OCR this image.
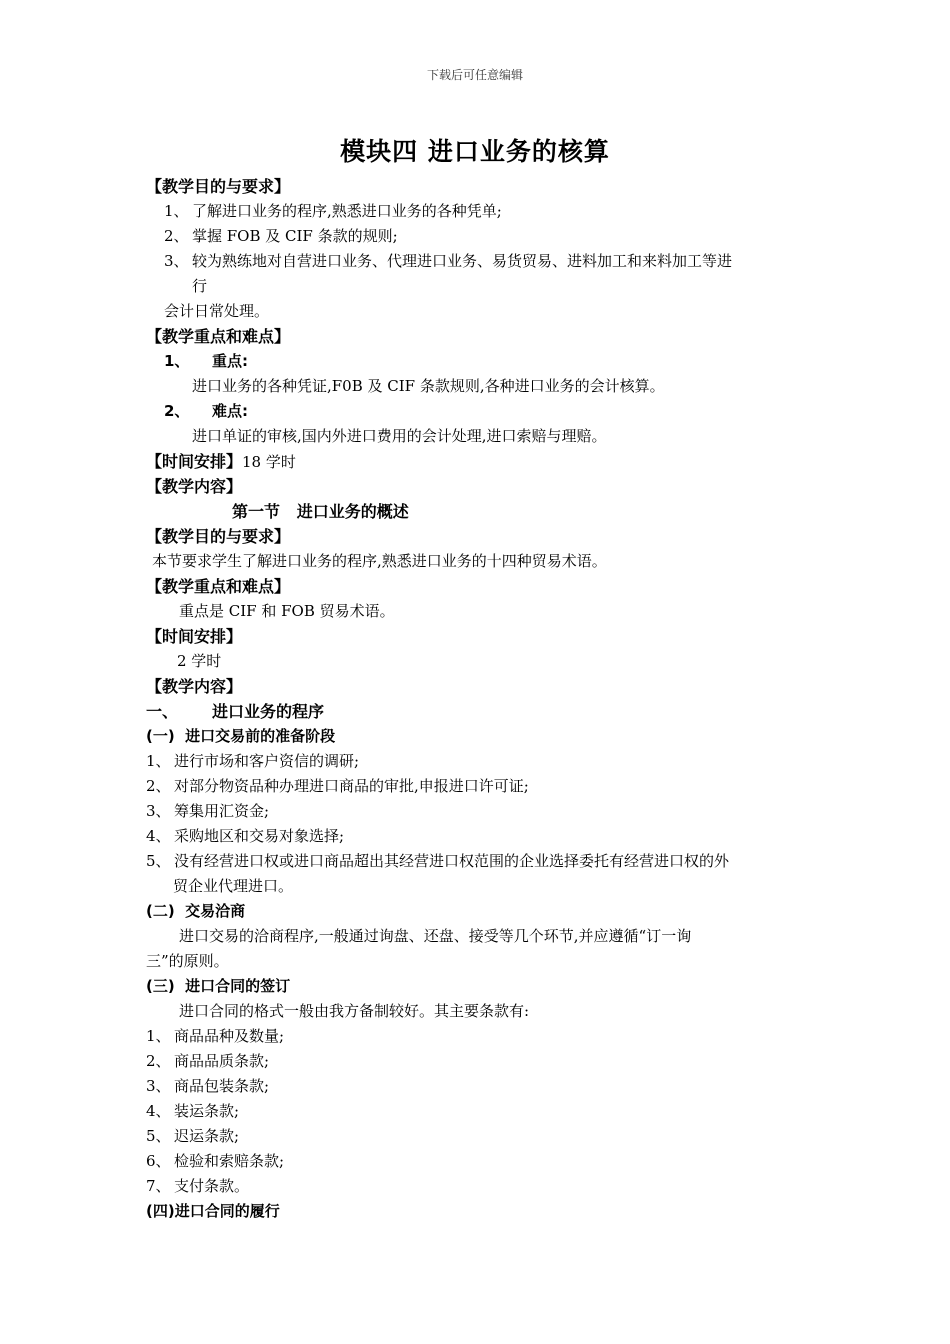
下载后可任意编辑
模块四 进口业务的核算
【教学目的与要求】
1、 了解进口业务的程序,熟悉进口业务的各种凭单;
2、 掌握 FOB 及 CIF 条款的规则;
3、 较为熟练地对自营进口业务、代理进口业务、易货贸易、进料加工和来料加工等进
行
会计日常处理。
【教学重点和难点】
1、 重点:
进口业务的各种凭证,F0B 及 CIF 条款规则,各种进口业务的会计核算。
2、 难点:
进口单证的审核,国内外进口费用的会计处理,进口索赔与理赔。
【时间安排】18 学时
【教学内容】
第一节   进口业务的概述
【教学目的与要求】
本节要求学生了解进口业务的程序,熟悉进口业务的十四种贸易术语。
【教学重点和难点】
重点是 CIF 和 FOB 贸易术语。
【时间安排】
2 学时
【教学内容】
一、 进口业务的程序
(一)  进口交易前的准备阶段
1、 进行市场和客户资信的调研;
2、 对部分物资品种办理进口商品的审批,申报进口许可证;
3、 筹集用汇资金;
4、 采购地区和交易对象选择;
5、 没有经营进口权或进口商品超出其经营进口权范围的企业选择委托有经营进口权的外
贸企业代理进口。
(二)  交易洽商
进口交易的洽商程序,一般通过询盘、还盘、接受等几个环节,并应遵循“订一询
三”的原则。
(三)  进口合同的签订
进口合同的格式一般由我方备制较好。其主要条款有:
1、 商品品种及数量;
2、 商品品质条款;
3、 商品包装条款;
4、 装运条款;
5、 迟运条款;
6、 检验和索赔条款;
7、 支付条款。
(四)进口合同的履行
